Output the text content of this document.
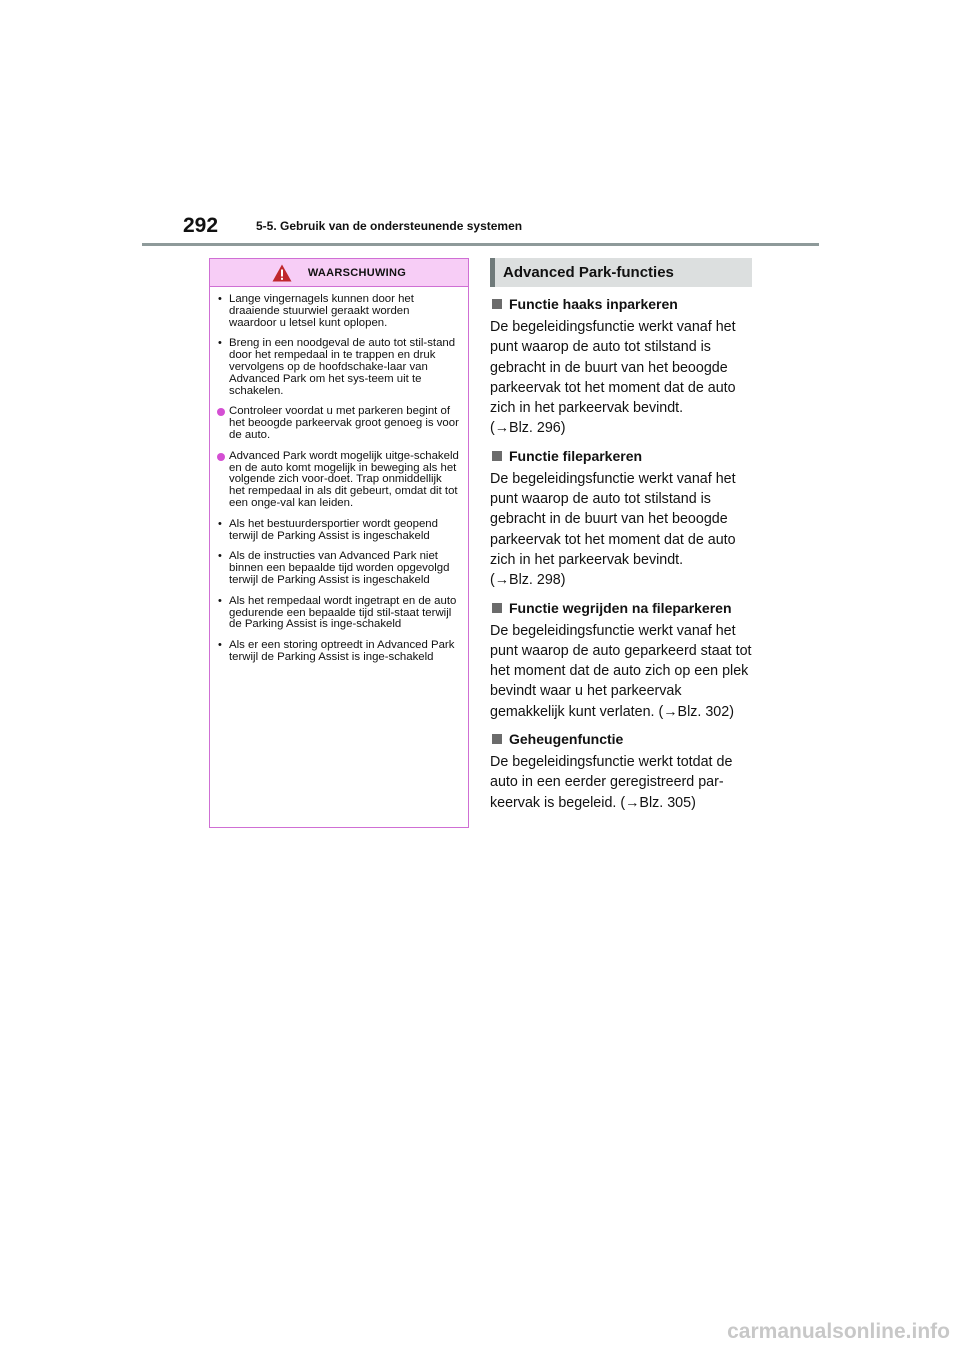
292	5-5. Gebruik van de ondersteunende systemen
WAARSCHUWING
• Lange vingernagels kunnen door het draaiende stuurwiel geraakt worden waardoor u letsel kunt oplopen.
• Breng in een noodgeval de auto tot stil-stand door het rempedaal in te trappen en druk vervolgens op de hoofdschake-laar van Advanced Park om het sys-teem uit te schakelen.
Controleer voordat u met parkeren begint of het beoogde parkeervak groot genoeg is voor de auto.
Advanced Park wordt mogelijk uitge-schakeld en de auto komt mogelijk in beweging als het volgende zich voor-doet. Trap onmiddellijk het rempedaal in als dit gebeurt, omdat dit tot een onge-val kan leiden.
• Als het bestuurdersportier wordt geopend terwijl de Parking Assist is ingeschakeld
• Als de instructies van Advanced Park niet binnen een bepaalde tijd worden opgevolgd terwijl de Parking Assist is ingeschakeld
• Als het rempedaal wordt ingetrapt en de auto gedurende een bepaalde tijd stil-staat terwijl de Parking Assist is inge-schakeld
• Als er een storing optreedt in Advanced Park terwijl de Parking Assist is inge-schakeld
Advanced Park-functies
Functie haaks inparkeren
De begeleidingsfunctie werkt vanaf het punt waarop de auto tot stilstand is gebracht in de buurt van het beoogde parkeervak tot het moment dat de auto zich in het parkeervak bevindt.
(→Blz. 296)
Functie fileparkeren
De begeleidingsfunctie werkt vanaf het punt waarop de auto tot stilstand is gebracht in de buurt van het beoogde parkeervak tot het moment dat de auto zich in het parkeervak bevindt.
(→Blz. 298)
Functie wegrijden na fileparkeren
De begeleidingsfunctie werkt vanaf het punt waarop de auto geparkeerd staat tot het moment dat de auto zich op een plek bevindt waar u het parkeervak gemakkelijk kunt verlaten. (→Blz. 302)
Geheugenfunctie
De begeleidingsfunctie werkt totdat de auto in een eerder geregistreerd par-keervak is begeleid. (→Blz. 305)
carmanualsonline.info
